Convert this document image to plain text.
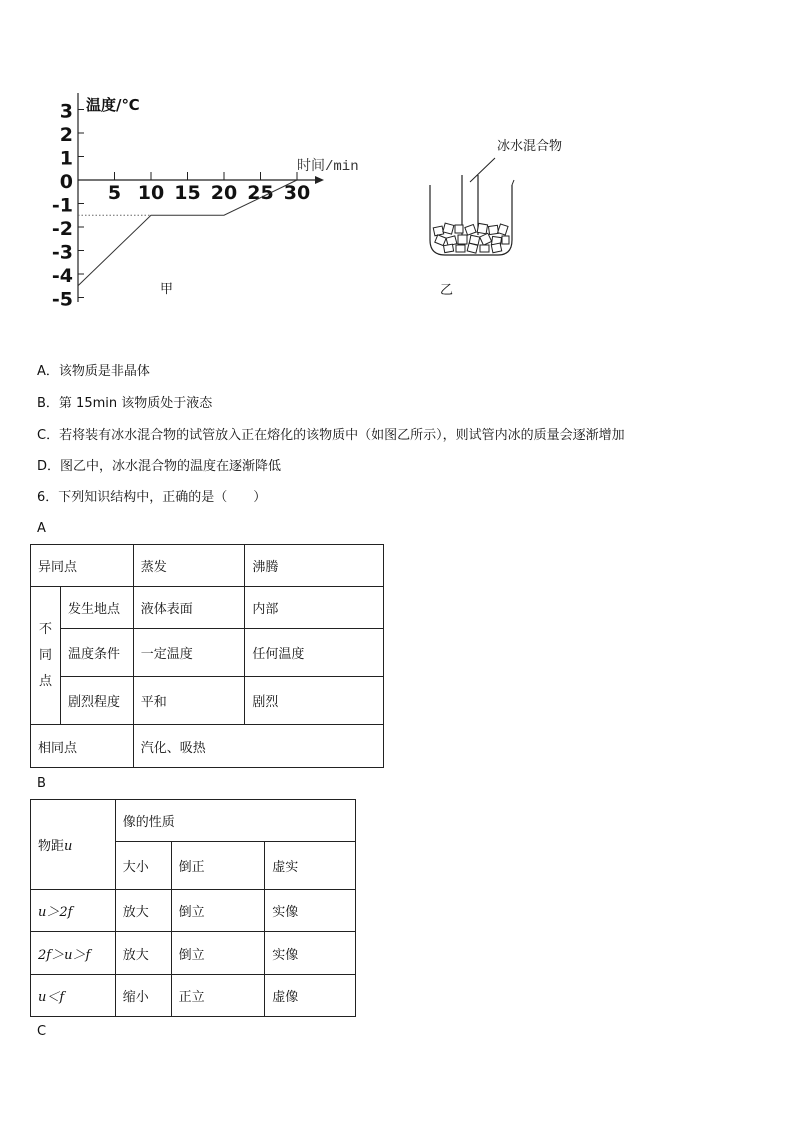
温度/℃
时间/min
3
2
1
0
-1
-2
-3
-4
-5
5 10 15 20 25 30
甲
冰水混合物
乙
A．该物质是非晶体
B．第 15min 该物质处于液态
C．若将装有冰水混合物的试管放入正在熔化的该物质中（如图乙所示），则试管内冰的质量会逐渐增加
D．图乙中，冰水混合物的温度在逐渐降低
6．下列知识结构中，正确的是（　　）
A
异同点		蒸发	沸腾

不
同
点	发生地点	液体表面	内部
	温度条件	一定温度	任何温度
	剧烈程度	平和	剧烈
相同点		汽化、吸热	
B
物距u	像的性质		
	大小	倒正	虚实
u＞2f	放大	倒立	实像
2f＞u＞f	放大	倒立	实像
u＜f	缩小	正立	虚像
C
